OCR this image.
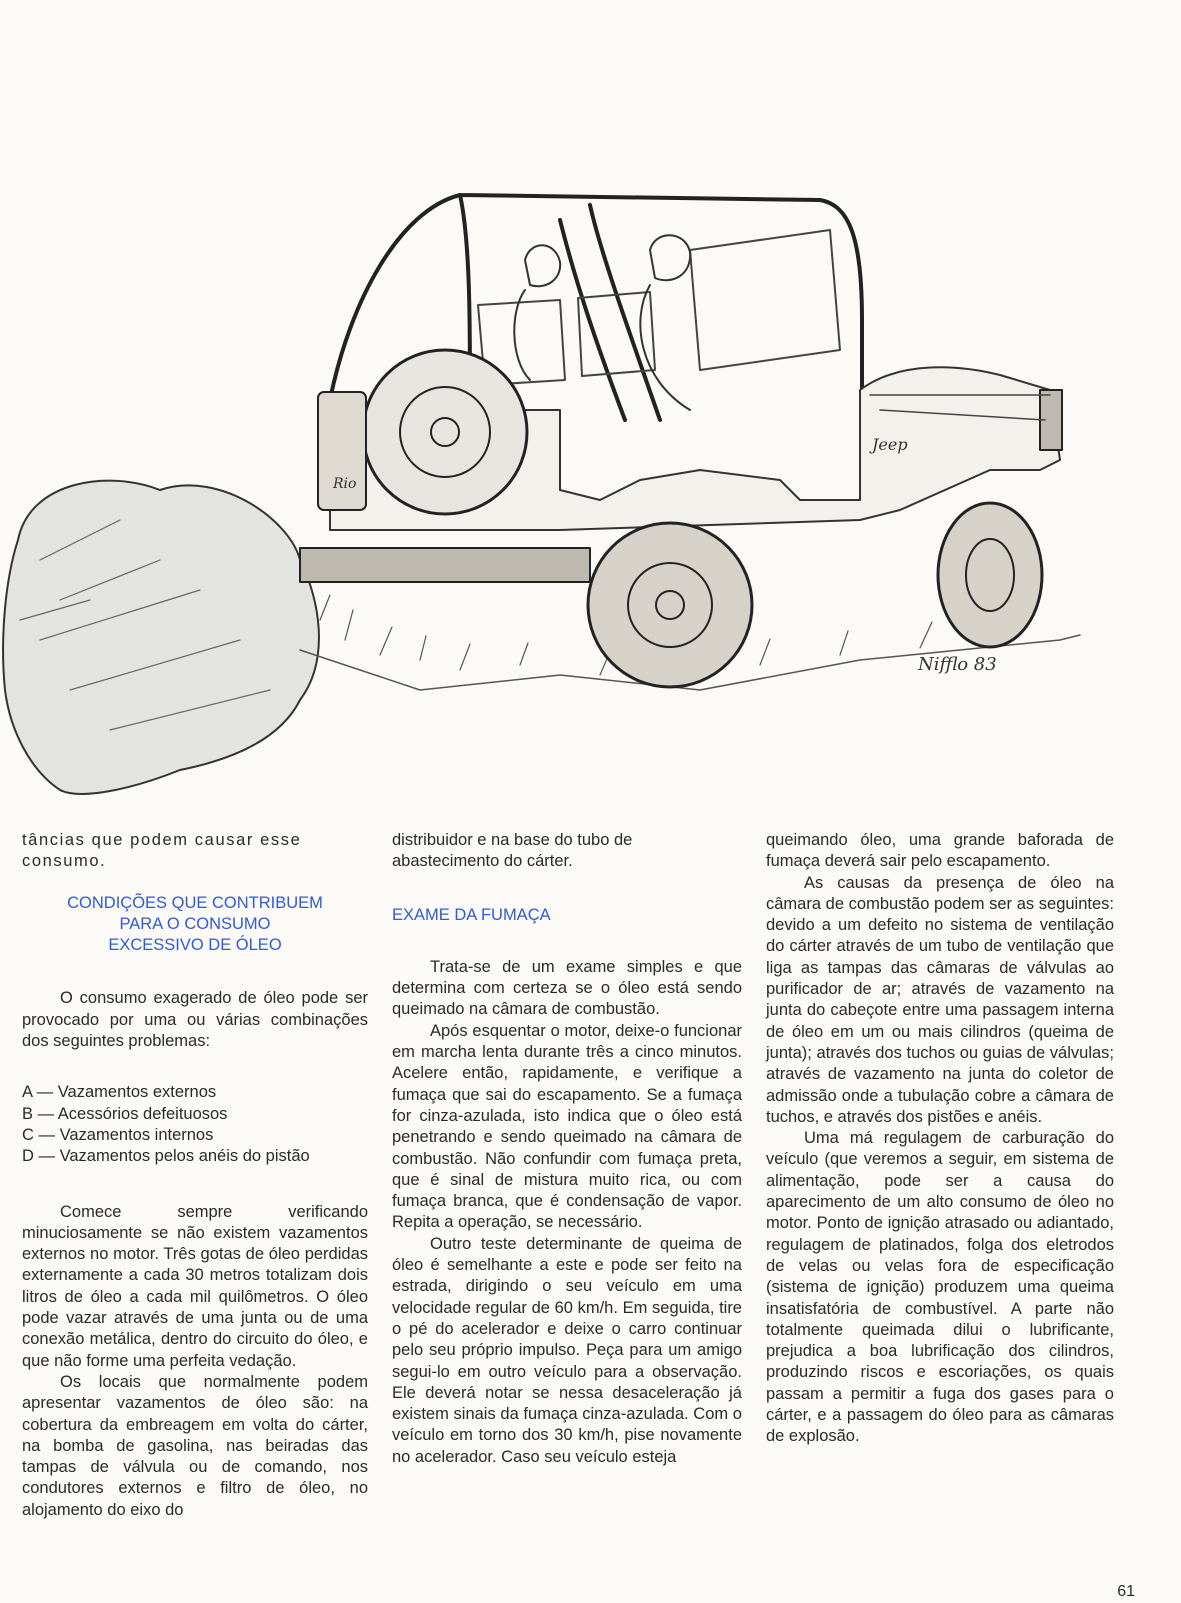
Jeep
Rio
Nifflo 83

tâncias que podem causar esse consumo.

CONDIÇÕES QUE CONTRIBUEM
PARA O CONSUMO
EXCESSIVO DE ÓLEO

O consumo exagerado de óleo pode ser provocado por uma ou várias combinações dos seguintes problemas:

A — Vazamentos externos
B — Acessórios defeituosos
C — Vazamentos internos
D — Vazamentos pelos anéis do pistão

Comece sempre verificando minuciosamente se não existem vazamentos externos no motor. Três gotas de óleo perdidas externamente a cada 30 metros totalizam dois litros de óleo a cada mil quilômetros. O óleo pode vazar através de uma junta ou de uma conexão metálica, dentro do circuito do óleo, e que não forme uma perfeita vedação.

Os locais que normalmente podem apresentar vazamentos de óleo são: na cobertura da embreagem em volta do cárter, na bomba de gasolina, nas beiradas das tampas de válvula ou de comando, nos condutores externos e filtro de óleo, no alojamento do eixo do

distribuidor e na base do tubo de abastecimento do cárter.

EXAME DA FUMAÇA

Trata-se de um exame simples e que determina com certeza se o óleo está sendo queimado na câmara de combustão.

Após esquentar o motor, deixe-o funcionar em marcha lenta durante três a cinco minutos. Acelere então, rapidamente, e verifique a fumaça que sai do escapamento. Se a fumaça for cinza-azulada, isto indica que o óleo está penetrando e sendo queimado na câmara de combustão. Não confundir com fumaça preta, que é sinal de mistura muito rica, ou com fumaça branca, que é condensação de vapor. Repita a operação, se necessário.

Outro teste determinante de queima de óleo é semelhante a este e pode ser feito na estrada, dirigindo o seu veículo em uma velocidade regular de 60 km/h. Em seguida, tire o pé do acelerador e deixe o carro continuar pelo seu próprio impulso. Peça para um amigo segui-lo em outro veículo para a observação. Ele deverá notar se nessa desaceleração já existem sinais da fumaça cinza-azulada. Com o veículo em torno dos 30 km/h, pise novamente no acelerador. Caso seu veículo esteja

queimando óleo, uma grande baforada de fumaça deverá sair pelo escapamento.

As causas da presença de óleo na câmara de combustão podem ser as seguintes: devido a um defeito no sistema de ventilação do cárter através de um tubo de ventilação que liga as tampas das câmaras de válvulas ao purificador de ar; através de vazamento na junta do cabeçote entre uma passagem interna de óleo em um ou mais cilindros (queima de junta); através dos tuchos ou guias de válvulas; através de vazamento na junta do coletor de admissão onde a tubulação cobre a câmara de tuchos, e através dos pistões e anéis.

Uma má regulagem de carburação do veículo (que veremos a seguir, em sistema de alimentação, pode ser a causa do aparecimento de um alto consumo de óleo no motor. Ponto de ignição atrasado ou adiantado, regulagem de platinados, folga dos eletrodos de velas ou velas fora de especificação (sistema de ignição) produzem uma queima insatisfatória de combustível. A parte não totalmente queimada dilui o lubrificante, prejudica a boa lubrificação dos cilindros, produzindo riscos e escoriações, os quais passam a permitir a fuga dos gases para o cárter, e a passagem do óleo para as câmaras de explosão.

61
